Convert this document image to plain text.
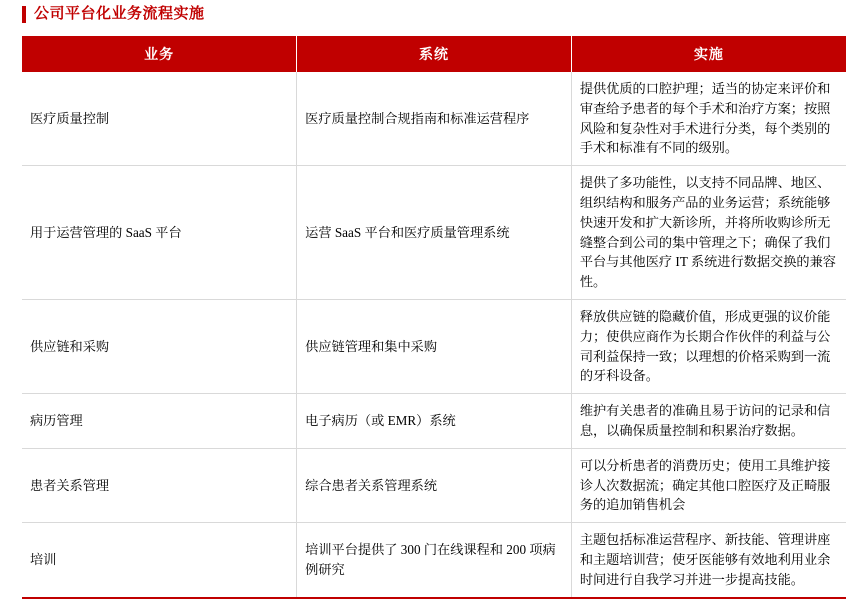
公司平台化业务流程实施
业务	系统	实施

医疗质量控制	医疗质量控制合规指南和标准运营程序	提供优质的口腔护理；适当的协定来评价和审查给予患者的每个手术和治疗方案；按照风险和复杂性对手术进行分类，每个类别的手术和标准有不同的级别。

用于运营管理的 SaaS 平台	运营 SaaS 平台和医疗质量管理系统	提供了多功能性，以支持不同品牌、地区、组织结构和服务产品的业务运营；系统能够快速开发和扩大新诊所，并将所收购诊所无缝整合到公司的集中管理之下；确保了我们平台与其他医疗 IT 系统进行数据交换的兼容性。

供应链和采购	供应链管理和集中采购	释放供应链的隐藏价值，形成更强的议价能力；使供应商作为长期合作伙伴的利益与公司利益保持一致；以理想的价格采购到一流的牙科设备。

病历管理	电子病历（或 EMR）系统	维护有关患者的准确且易于访问的记录和信息，以确保质量控制和积累治疗数据。

患者关系管理	综合患者关系管理系统	可以分析患者的消费历史；使用工具维护接诊人次数据流；确定其他口腔医疗及正畸服务的追加销售机会

培训	培训平台提供了 300 门在线课程和 200 项病例研究	主题包括标准运营程序、新技能、管理讲座和主题培训营；使牙医能够有效地利用业余时间进行自我学习并进一步提高技能。
